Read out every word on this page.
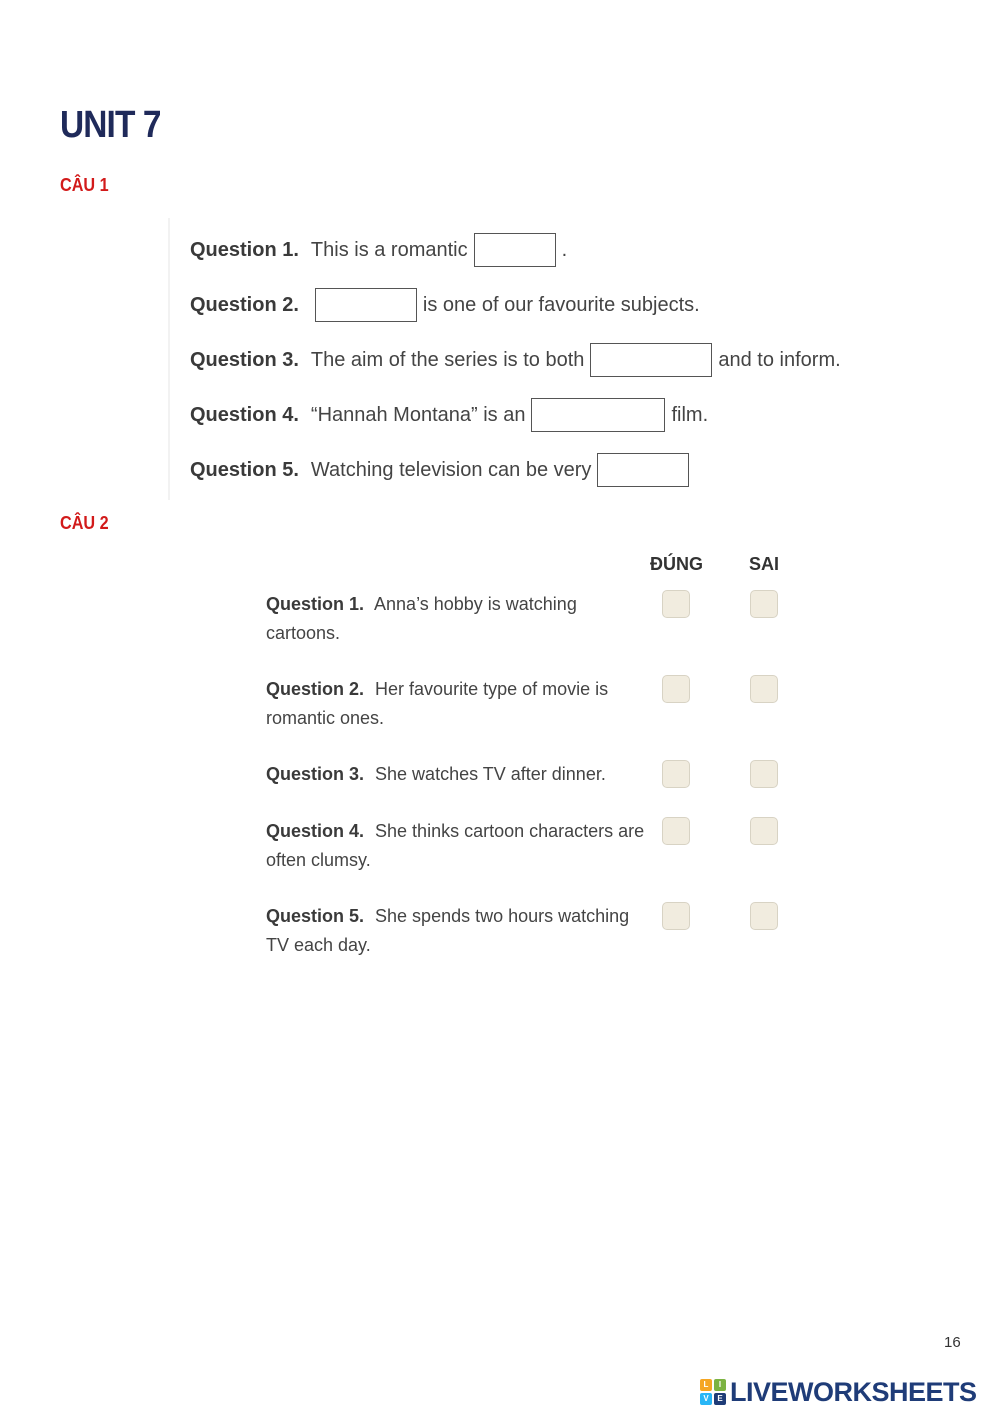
UNIT 7
CÂU 1
Question 1. This is a romantic	.
Question 2.	is one of our favourite subjects.
Question 3. The aim of the series is to both	and to inform.
Question 4. “Hannah Montana” is an	film.
Question 5. Watching television can be very
CÂU 2
ĐÚNG	SAI
Question 1. Anna’s hobby is watching cartoons.
Question 2. Her favourite type of movie is romantic ones.
Question 3. She watches TV after dinner.
Question 4. She thinks cartoon characters are often clumsy.
Question 5. She spends two hours watching TV each day.
16
L	I
V	E LIVEWORKSHEETS
